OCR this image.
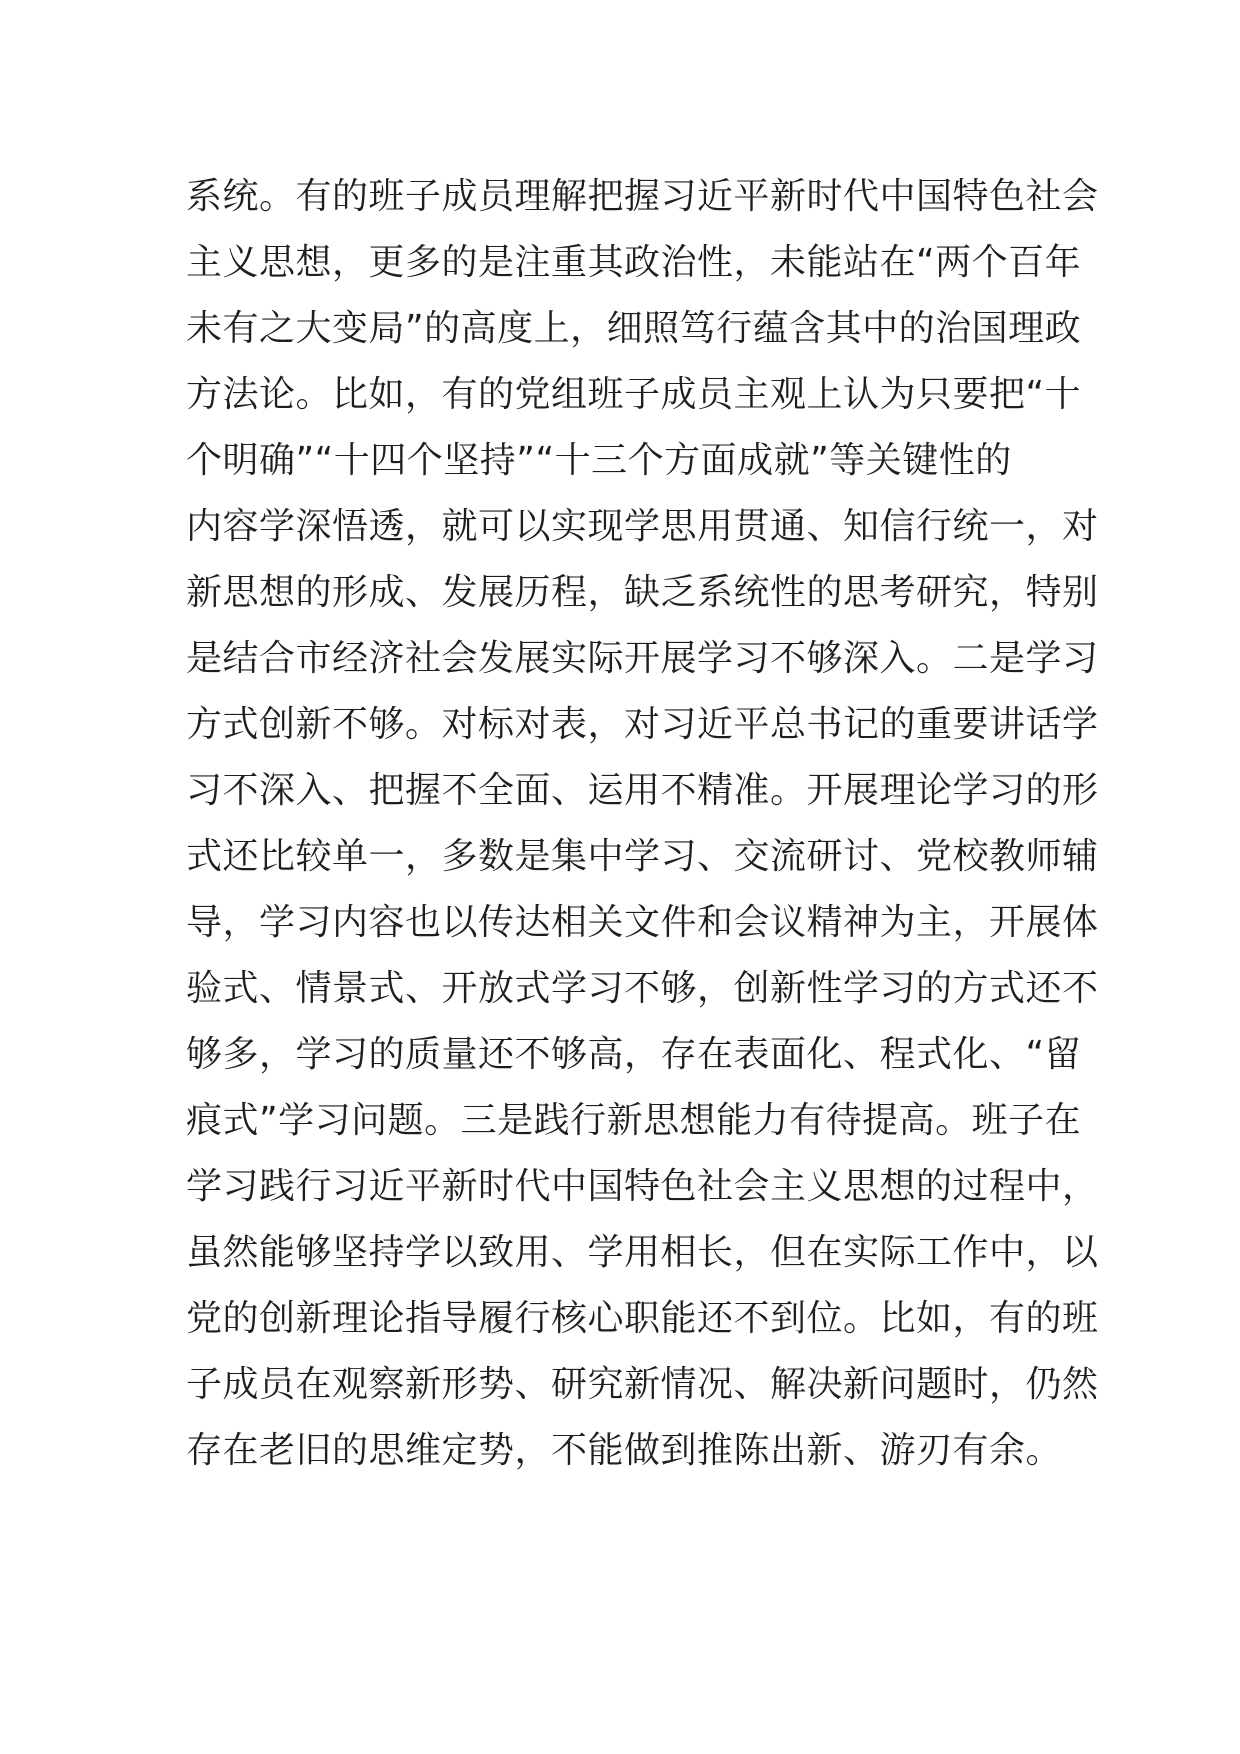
系统。有的班子成员理解把握习近平新时代中国特色社会
主义思想，更多的是注重其政治性，未能站在“两个百年
未有之大变局”的高度上，细照笃行蕴含其中的治国理政
方法论。比如，有的党组班子成员主观上认为只要把“十
个明确”“十四个坚持”“十三个方面成就”等关键性的
内容学深悟透，就可以实现学思用贯通、知信行统一，对
新思想的形成、发展历程，缺乏系统性的思考研究，特别
是结合市经济社会发展实际开展学习不够深入。二是学习
方式创新不够。对标对表，对习近平总书记的重要讲话学
习不深入、把握不全面、运用不精准。开展理论学习的形
式还比较单一，多数是集中学习、交流研讨、党校教师辅
导，学习内容也以传达相关文件和会议精神为主，开展体
验式、情景式、开放式学习不够，创新性学习的方式还不
够多，学习的质量还不够高，存在表面化、程式化、“留
痕式”学习问题。三是践行新思想能力有待提高。班子在
学习践行习近平新时代中国特色社会主义思想的过程中，
虽然能够坚持学以致用、学用相长，但在实际工作中，以
党的创新理论指导履行核心职能还不到位。比如，有的班
子成员在观察新形势、研究新情况、解决新问题时，仍然
存在老旧的思维定势，不能做到推陈出新、游刃有余。
